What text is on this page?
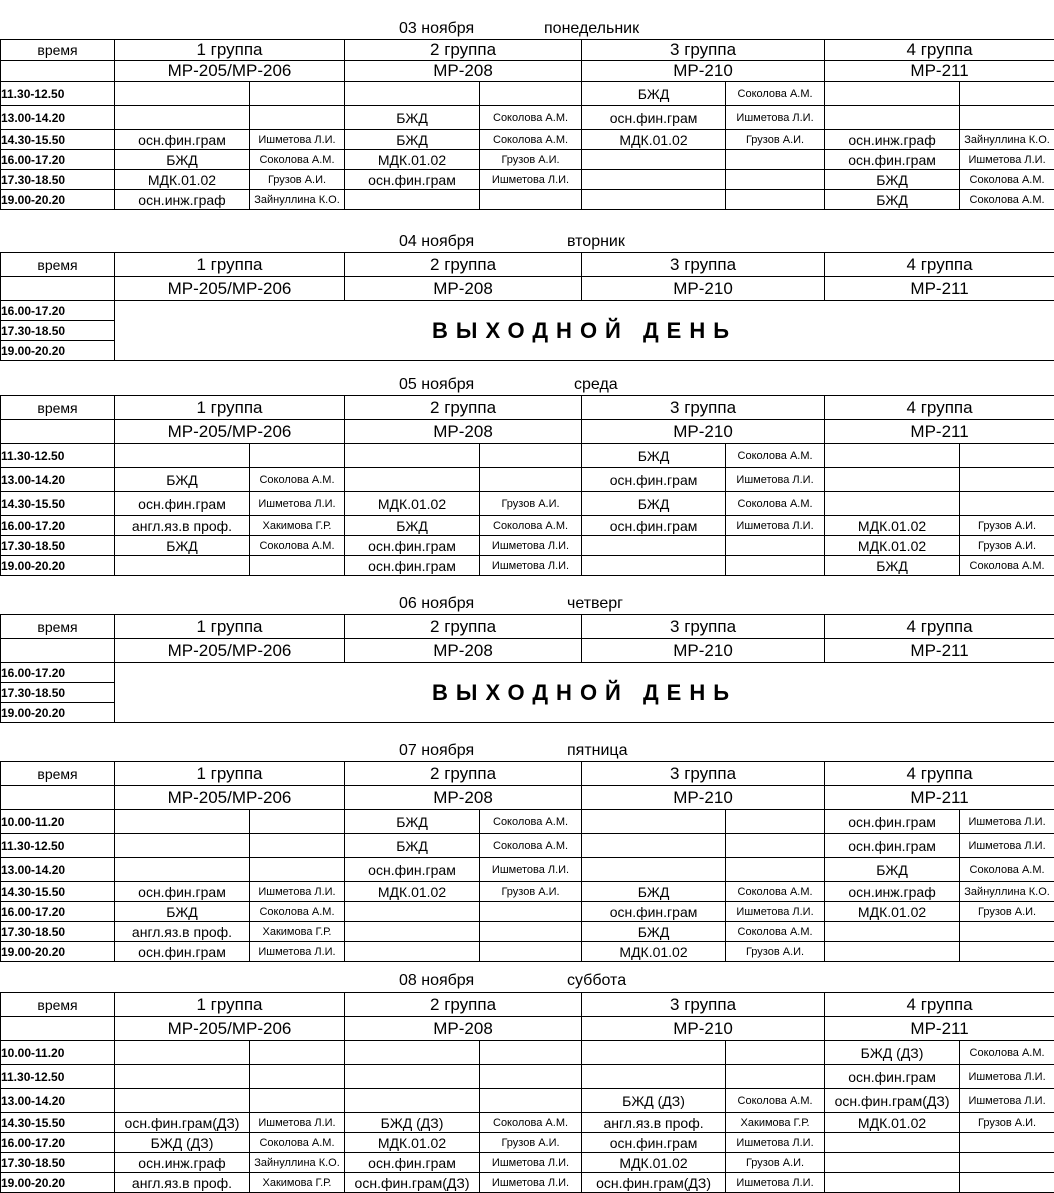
03 ноября	понедельник
время	1 группа		2 группа		3 группа		4 группа	
	МР-205/МР-206		МР-208		МР-210		МР-211	
11.30-12.50					БЖД	Соколова А.М.		
13.00-14.20			БЖД	Соколова А.М.	осн.фин.грам	Ишметова Л.И.		
14.30-15.50	осн.фин.грам	Ишметова Л.И.	БЖД	Соколова А.М.	МДК.01.02	Грузов А.И.	осн.инж.граф	Зайнуллина К.О.
16.00-17.20	БЖД	Соколова А.М.	МДК.01.02	Грузов А.И.			осн.фин.грам	Ишметова Л.И.
17.30-18.50	МДК.01.02	Грузов А.И.	осн.фин.грам	Ишметова Л.И.			БЖД	Соколова А.М.
19.00-20.20	осн.инж.граф	Зайнуллина К.О.					БЖД	Соколова А.М.
04 ноября	вторник
время	1 группа	2 группа	3 группа	4 группа
	МР-205/МР-206	МР-208	МР-210	МР-211
16.00-17.20	ВЫХОДНОЙ ДЕНЬ			
17.30-18.50				
19.00-20.20				
05 ноября	среда
время	1 группа		2 группа		3 группа		4 группа	
	МР-205/МР-206		МР-208		МР-210		МР-211	
11.30-12.50					БЖД	Соколова А.М.		
13.00-14.20	БЖД	Соколова А.М.			осн.фин.грам	Ишметова Л.И.		
14.30-15.50	осн.фин.грам	Ишметова Л.И.	МДК.01.02	Грузов А.И.	БЖД	Соколова А.М.		
16.00-17.20	англ.яз.в проф.	Хакимова Г.Р.	БЖД	Соколова А.М.	осн.фин.грам	Ишметова Л.И.	МДК.01.02	Грузов А.И.
17.30-18.50	БЖД	Соколова А.М.	осн.фин.грам	Ишметова Л.И.			МДК.01.02	Грузов А.И.
19.00-20.20			осн.фин.грам	Ишметова Л.И.			БЖД	Соколова А.М.
06 ноября	четверг
время	1 группа	2 группа	3 группа	4 группа
	МР-205/МР-206	МР-208	МР-210	МР-211
16.00-17.20	ВЫХОДНОЙ ДЕНЬ			
17.30-18.50				
19.00-20.20				
07 ноября	пятница
время	1 группа		2 группа		3 группа		4 группа	
	МР-205/МР-206		МР-208		МР-210		МР-211	
10.00-11.20			БЖД	Соколова А.М.			осн.фин.грам	Ишметова Л.И.
11.30-12.50			БЖД	Соколова А.М.			осн.фин.грам	Ишметова Л.И.
13.00-14.20			осн.фин.грам	Ишметова Л.И.			БЖД	Соколова А.М.
14.30-15.50	осн.фин.грам	Ишметова Л.И.	МДК.01.02	Грузов А.И.	БЖД	Соколова А.М.	осн.инж.граф	Зайнуллина К.О.
16.00-17.20	БЖД	Соколова А.М.			осн.фин.грам	Ишметова Л.И.	МДК.01.02	Грузов А.И.
17.30-18.50	англ.яз.в проф.	Хакимова Г.Р.			БЖД	Соколова А.М.		
19.00-20.20	осн.фин.грам	Ишметова Л.И.			МДК.01.02	Грузов А.И.		
08 ноября	суббота
время	1 группа		2 группа		3 группа		4 группа	
	МР-205/МР-206		МР-208		МР-210		МР-211	
10.00-11.20							БЖД (ДЗ)	Соколова А.М.
11.30-12.50							осн.фин.грам	Ишметова Л.И.
13.00-14.20					БЖД (ДЗ)	Соколова А.М.	осн.фин.грам(ДЗ)	Ишметова Л.И.
14.30-15.50	осн.фин.грам(ДЗ)	Ишметова Л.И.	БЖД (ДЗ)	Соколова А.М.	англ.яз.в проф.	Хакимова Г.Р.	МДК.01.02	Грузов А.И.
16.00-17.20	БЖД (ДЗ)	Соколова А.М.	МДК.01.02	Грузов А.И.	осн.фин.грам	Ишметова Л.И.		
17.30-18.50	осн.инж.граф	Зайнуллина К.О.	осн.фин.грам	Ишметова Л.И.	МДК.01.02	Грузов А.И.		
19.00-20.20	англ.яз.в проф.	Хакимова Г.Р.	осн.фин.грам(ДЗ)	Ишметова Л.И.	осн.фин.грам(ДЗ)	Ишметова Л.И.		
